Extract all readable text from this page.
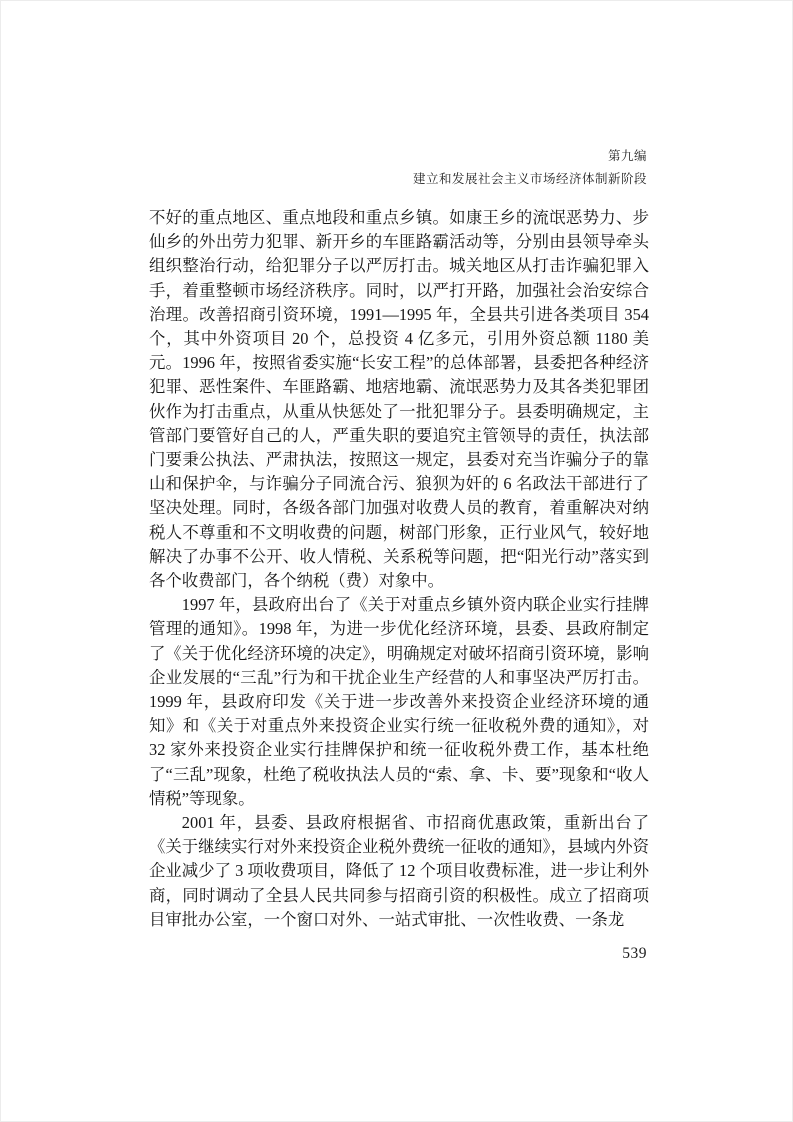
第九编
建立和发展社会主义市场经济体制新阶段

不好的重点地区、重点地段和重点乡镇。如康王乡的流氓恶势力、步仙乡的外出劳力犯罪、新开乡的车匪路霸活动等，分别由县领导牵头组织整治行动，给犯罪分子以严厉打击。城关地区从打击诈骗犯罪入手，着重整顿市场经济秩序。同时，以严打开路，加强社会治安综合治理。改善招商引资环境，1991—1995 年，全县共引进各类项目 354 个，其中外资项目 20 个，总投资 4 亿多元，引用外资总额 1180 美元。1996 年，按照省委实施“长安工程”的总体部署，县委把各种经济犯罪、恶性案件、车匪路霸、地痞地霸、流氓恶势力及其各类犯罪团伙作为打击重点，从重从快惩处了一批犯罪分子。县委明确规定，主管部门要管好自己的人，严重失职的要追究主管领导的责任，执法部门要秉公执法、严肃执法，按照这一规定，县委对充当诈骗分子的靠山和保护伞，与诈骗分子同流合污、狼狈为奸的 6 名政法干部进行了坚决处理。同时，各级各部门加强对收费人员的教育，着重解决对纳税人不尊重和不文明收费的问题，树部门形象，正行业风气，较好地解决了办事不公开、收人情税、关系税等问题，把“阳光行动”落实到各个收费部门，各个纳税（费）对象中。

1997 年，县政府出台了《关于对重点乡镇外资内联企业实行挂牌管理的通知》。1998 年，为进一步优化经济环境，县委、县政府制定了《关于优化经济环境的决定》，明确规定对破坏招商引资环境，影响企业发展的“三乱”行为和干扰企业生产经营的人和事坚决严厉打击。1999 年，县政府印发《关于进一步改善外来投资企业经济环境的通知》和《关于对重点外来投资企业实行统一征收税外费的通知》，对 32 家外来投资企业实行挂牌保护和统一征收税外费工作，基本杜绝了“三乱”现象，杜绝了税收执法人员的“索、拿、卡、要”现象和“收人情税”等现象。

2001 年，县委、县政府根据省、市招商优惠政策，重新出台了《关于继续实行对外来投资企业税外费统一征收的通知》，县域内外资企业减少了 3 项收费项目，降低了 12 个项目收费标准，进一步让利外商，同时调动了全县人民共同参与招商引资的积极性。成立了招商项目审批办公室，一个窗口对外、一站式审批、一次性收费、一条龙

539
